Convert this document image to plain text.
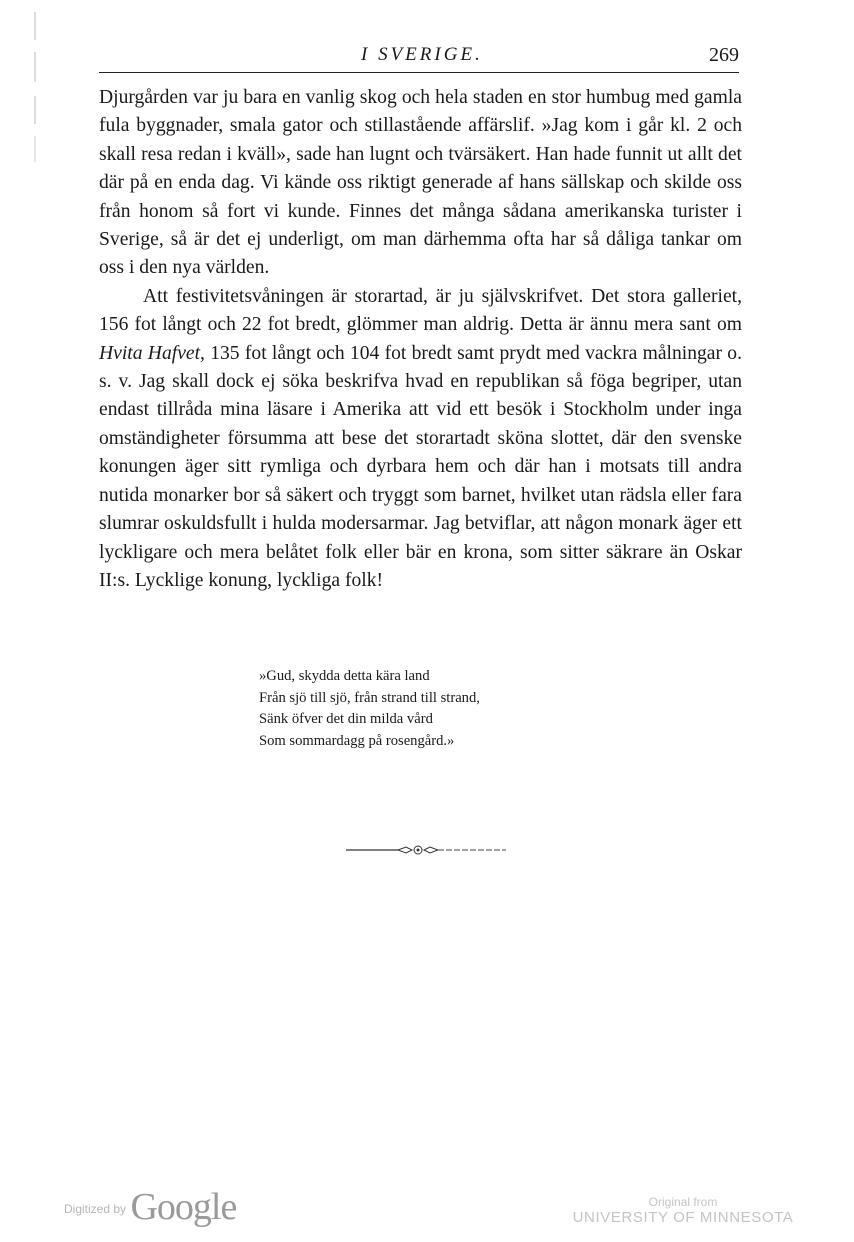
I SVERIGE.	269

Djurgården var ju bara en vanlig skog och hela staden en stor humbug med gamla fula byggnader, smala gator och stillastående affärslif. »Jag kom i går kl. 2 och skall resa redan i kväll», sade han lugnt och tvärsäkert. Han hade funnit ut allt det där på en enda dag. Vi kände oss riktigt generade af hans sällskap och skilde oss från honom så fort vi kunde. Finnes det många sådana amerikanska turister i Sverige, så är det ej underligt, om man därhemma ofta har så dåliga tankar om oss i den nya världen.

Att festivitetsvåningen är storartad, är ju självskrifvet. Det stora galleriet, 156 fot långt och 22 fot bredt, glömmer man aldrig. Detta är ännu mera sant om Hvita Hafvet, 135 fot långt och 104 fot bredt samt prydt med vackra målningar o. s. v. Jag skall dock ej söka beskrifva hvad en republikan så föga begriper, utan endast tillråda mina läsare i Amerika att vid ett besök i Stockholm under inga omständigheter försumma att bese det storartadt sköna slottet, där den svenske konungen äger sitt rymliga och dyrbara hem och där han i motsats till andra nutida monarker bor så säkert och tryggt som barnet, hvilket utan rädsla eller fara slumrar oskuldsfullt i hulda modersarmar. Jag betviflar, att någon monark äger ett lyckligare och mera belåtet folk eller bär en krona, som sitter säkrare än Oskar II:s. Lycklige konung, lyckliga folk!

»Gud, skydda detta kära land
Från sjö till sjö, från strand till strand,
Sänk öfver det din milda vård
Som sommardagg på rosengård.»
$^{Digitized by}$ Google	Original from
UNIVERSITY OF MINNESOTA
